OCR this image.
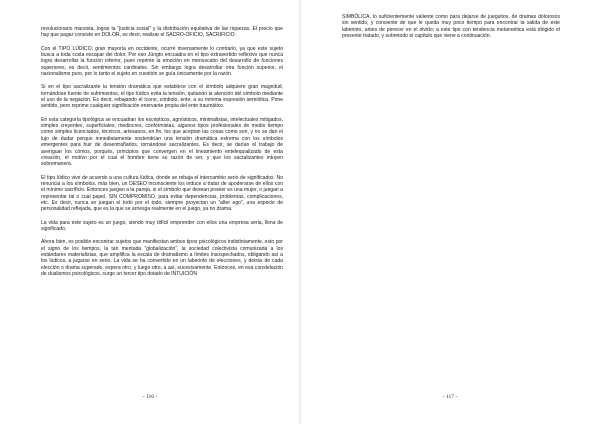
revolucionario marxista, lograr la “justicia social” y la distribución equitativa de las riquezas. El precio que hay que pagar consiste en DOLOR, es decir, realizar el SACRO-OFICIO, SACRIFICIO.

Con el TIPO LÚDICO, gran mayoría en occidente, ocurre inversamente lo contrario, ya que este sujeto busca a toda costa escapar del dolor. Por eso Jüngto encuadra en el tipo extravertido reflexivo que nunca logra desarrollar la función inferior, pues reprime la emoción en menoscabo del desarrollo de funciones superiores, es decir, sentimientos cardinales. Sin embargo logra desarrollar otra función superior, el nacionalismo puro, por lo tanto el sujeto en cuestión se guía únicamente por la razón.

Si en el tipo sacralizante la tensión dramática que establece con el símbolo adquiere gran magnitud, tornándose fuente de sufrimientos, el tipo lúdico evita la tensión, quitando la atención del símbolo mediante el uso de la negación. Es decir, rebajando el ícono, símbolo, ente, a su mínima expresión semiótica. Pone sentido, pero reprime cualquier significación enervante propia del ente traumático.

En esta categoría tipológica se encuadran los escépticos, agnósticos, minimalistas, intelectuales mitigados, simples creyentes, superficiales, mediocres, conformistas, algunos tipos profesionales de medio tiempo como simples licenciados, técnicos, artesanos, en fin, los que aceptan las cosas como son, y no se dan el lujo de dudar porque inmediatamente sostendrían una tensión dramática extrema con los símbolos emergentes para huir de desentrañarlos, tornándose sacralizantes. Es decir, se darían el trabajo de averiguar los cómos, porqués, principios que convergen en el lineamiento entelequializado de esta creación, el motivo por el cual el hombre tiene su razón de ser, y que los sacralizantes intuyen sobremanera.

El tipo lúdico vive de acuerdo a una cultura lúdica, donde se rebaja el intercambio serio de significados. No renuncia a los símbolos, más bien, un DESEO inconsciente los induce a tratar de apoderarse de ellos con el mínimo sacrificio. Entonces juegan a la pareja, si el símbolo que desean poseer es una mujer, o juegan a representar tal o cual papel, SIN COMPROMISO, para evitar dependencias, problemas, complicaciones, etc. Es decir, nunca se juegan el todo por el todo, siempre proyectan un “alter ego”, una especie de personalidad reflejada, que es la que se arriesga realmente en el juego, ya no drama.

La vida para este sujeto es un juego, siendo muy difícil emprender con ellos una empresa seria, llena de significado.

Ahora bien, es posible encontrar sujetos que manifiestan ambos tipos psicológicos indistintamente, esto por el signo de los tiempos, la tan mentada “globalización”, la sociedad colectivista comunizada a los estándares materialistas, que amplifica la escala de dramatismo a límites insospechados, obligando así a los lúdicos, a jugarse en serio. La vida se ha convertido en un laberinto de elecciones, y detrás de cada elección o drama superado, espera otro, y luego otro, a así, sucesivamente. Entonces, en esa constelación de dualismos psicológicos, surge un tercer tipo dotado de INTUICIÓN

SIMBÓLICA, lo suficientemente valiente como para dejarse de jueguitos, de dramas dolorosos sin sentido, y consiente de que le queda muy poco tiempo para encontrar la salida de este laberinto, antes de perecer en el olvido; a este tipo con tendencia metanoética está dirigido el presente tratado, y sobretodo el capítulo que viene a continuación.

- 116 -	- 117 -
